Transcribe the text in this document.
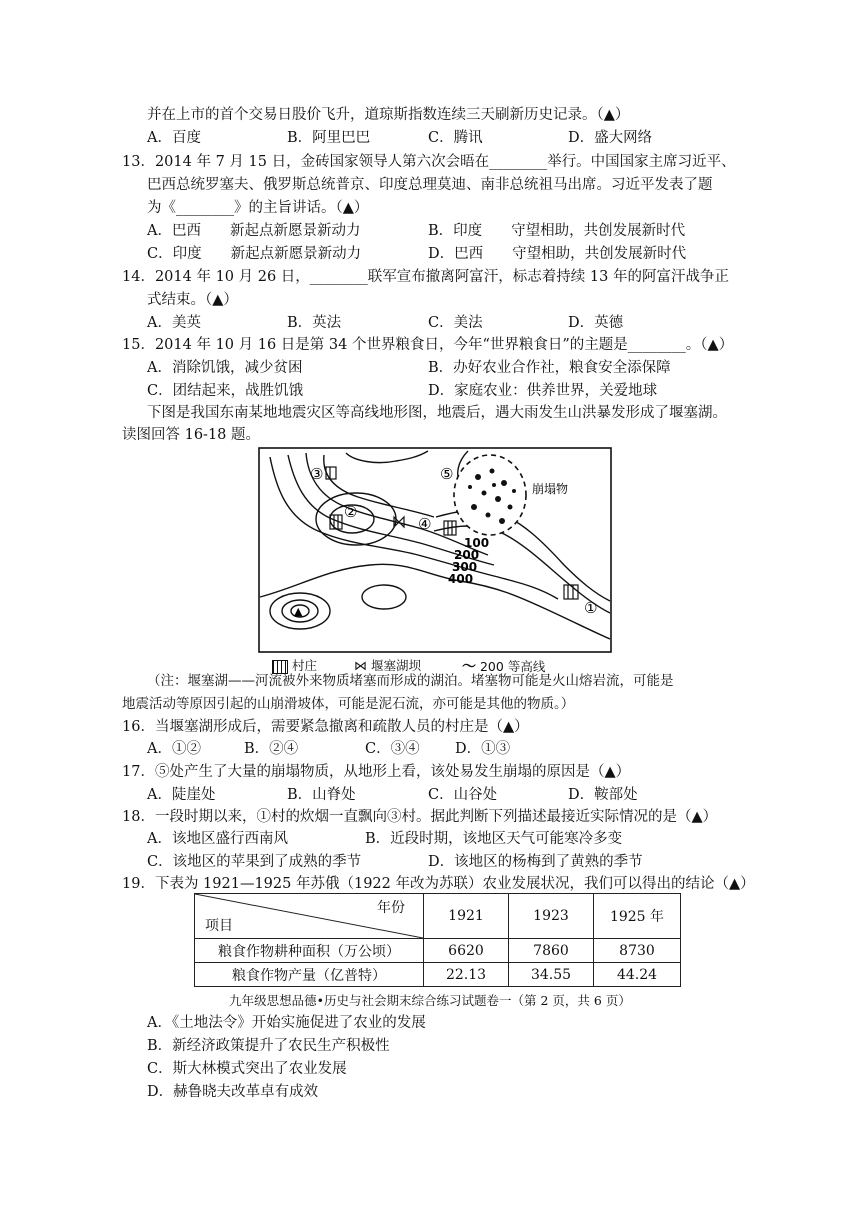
并在上市的首个交易日股价飞升，道琼斯指数连续三天刷新历史记录。（▲）
A．百度	B．阿里巴巴	C．腾讯	D．盛大网络
13．2014 年 7 月 15 日，金砖国家领导人第六次会晤在________举行。中国国家主席习近平、
巴西总统罗塞夫、俄罗斯总统普京、印度总理莫迪、南非总统祖马出席。习近平发表了题
为《________》的主旨讲话。（▲）
A．巴西　　新起点新愿景新动力	B．印度　　守望相助，共创发展新时代
C．印度　　新起点新愿景新动力	D．巴西　　守望相助，共创发展新时代
14．2014 年 10 月 26 日，________联军宣布撤离阿富汗，标志着持续 13 年的阿富汗战争正
式结束。（▲）
A．美英	B．英法	C．美法	D．英德
15．2014 年 10 月 16 日是第 34 个世界粮食日，今年“世界粮食日”的主题是________。（▲）
A．消除饥饿，减少贫困	B．办好农业合作社，粮食安全添保障
C．团结起来，战胜饥饿	D．家庭农业：供养世界，关爱地球
下图是我国东南某地地震灾区等高线地形图，地震后，遇大雨发生山洪暴发形成了堰塞湖。
读图回答 16-18 题。
③
②
④
⑤
①
崩塌物
100
200
300
400
▲
村庄	⋈ 堰塞湖坝	〜 200 等高线
（注：堰塞湖——河流被外来物质堵塞而形成的湖泊。堵塞物可能是火山熔岩流，可能是
地震活动等原因引起的山崩滑坡体，可能是泥石流，亦可能是其他的物质。）
16．当堰塞湖形成后，需要紧急撤离和疏散人员的村庄是（▲）
A．①②	B．②④	C．③④ D．①③
17．⑤处产生了大量的崩塌物质，从地形上看，该处易发生崩塌的原因是（▲）
A．陡崖处	B．山脊处	C．山谷处	D．鞍部处
18．一段时期以来，①村的炊烟一直飘向③村。据此判断下列描述最接近实际情况的是（▲）
A．该地区盛行西南风	B．近段时期，该地区天气可能寒冷多变
C．该地区的苹果到了成熟的季节	D．该地区的杨梅到了黄熟的季节
19．下表为 1921—1925 年苏俄（1922 年改为苏联）农业发展状况，我们可以得出的结论（▲）
年份
项目	1921	1923	1925 年
粮食作物耕种面积（万公顷）	6620	7860	8730
粮食作物产量（亿普特）	22.13	34.55	44.24
九年级思想品德•历史与社会期末综合练习试题卷一（第 2 页，共 6 页）
A．《土地法令》开始实施促进了农业的发展
B．新经济政策提升了农民生产积极性
C．斯大林模式突出了农业发展
D．赫鲁晓夫改革卓有成效
